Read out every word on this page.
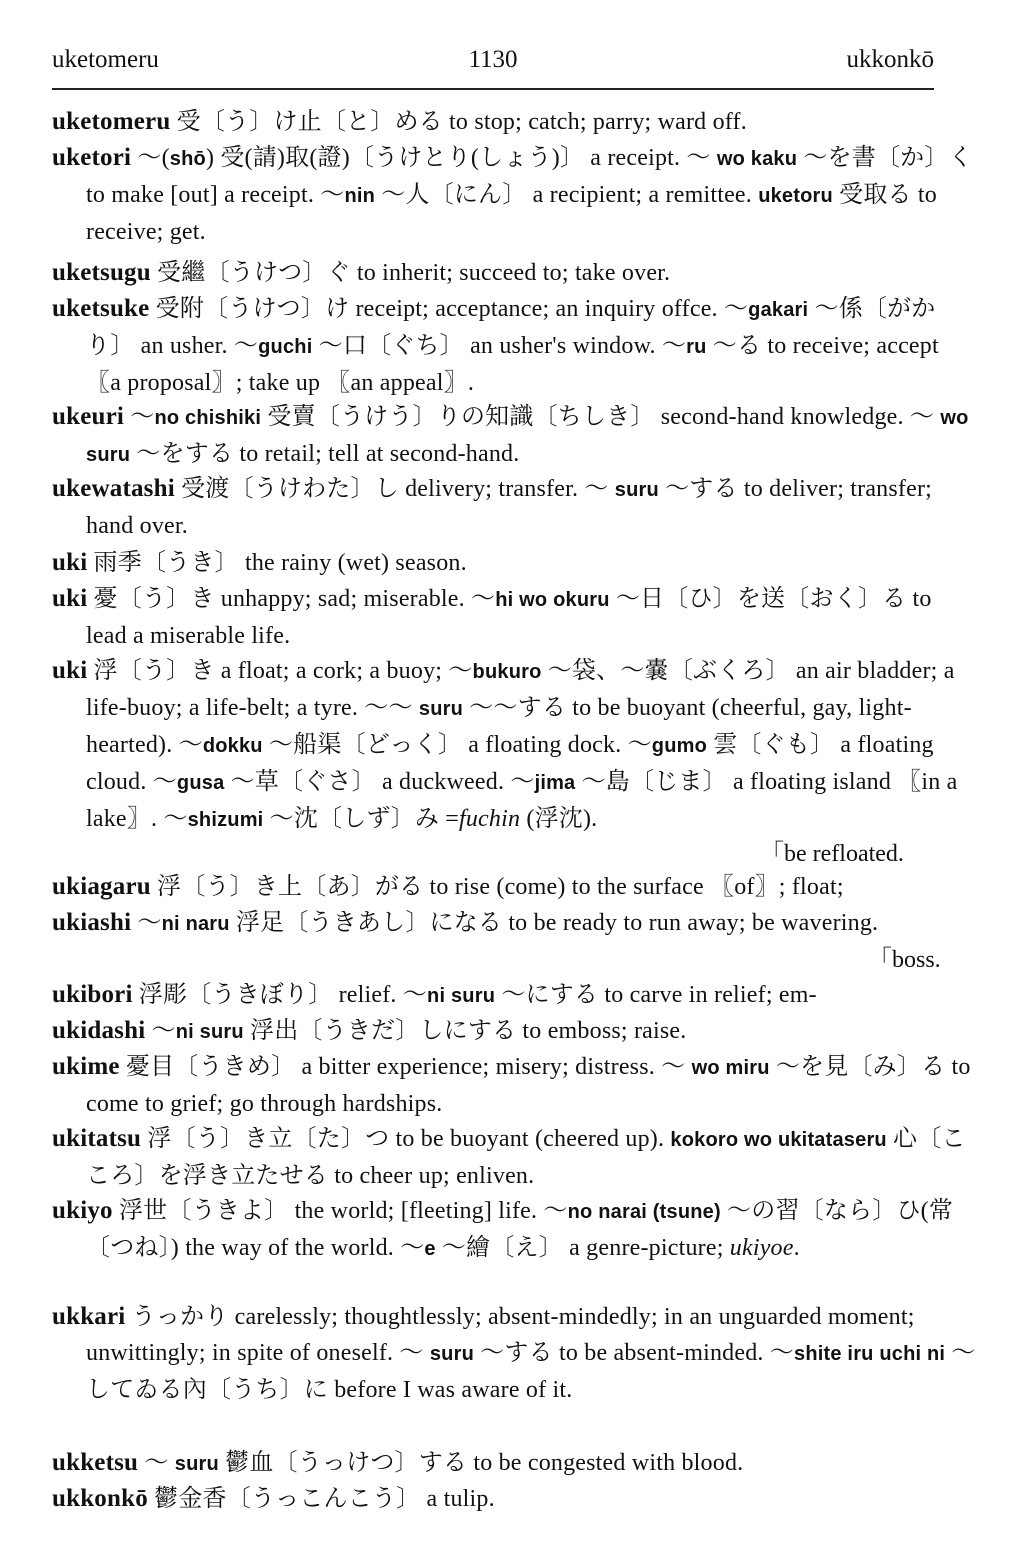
uketomeru	1130	ukkonkō
uketomeru 受〔う〕け止〔と〕める to stop; catch; parry; ward off.
uketori ～(shō) 受(請)取(證)〔うけとり(しょう)〕 a receipt. ～ wo kaku ～を書〔か〕く to make [out] a receipt. ～nin ～人〔にん〕 a recipient; a remittee. uketoru 受取る to receive; get.
uketsugu 受繼〔うけつ〕ぐ to inherit; succeed to; take over.
uketsuke 受附〔うけつ〕け receipt; acceptance; an inquiry offce. ～gakari ～係〔がかり〕 an usher. ～guchi ～口〔ぐち〕 an usher's window. ～ru ～る to receive; accept 〖a proposal〗; take up 〖an appeal〗.
ukeuri ～no chishiki 受賣〔うけう〕りの知識〔ちしき〕 second-hand knowledge. ～ wo suru ～をする to retail; tell at second-hand.
ukewatashi 受渡〔うけわた〕し delivery; transfer. ～ suru ～する to deliver; transfer; hand over.
uki 雨季〔うき〕 the rainy (wet) season.
uki 憂〔う〕き unhappy; sad; miserable. ～hi wo okuru ～日〔ひ〕を送〔おく〕る to lead a miserable life.
uki 浮〔う〕き a float; a cork; a buoy; ～bukuro ～袋、～嚢〔ぶくろ〕 an air bladder; a life-buoy; a life-belt; a tyre. ～～ suru ～～する to be buoyant (cheerful, gay, light-hearted). ～dokku ～船渠〔どっく〕 a floating dock. ～gumo 雲〔ぐも〕 a floating cloud. ～gusa ～草〔ぐさ〕 a duckweed. ～jima ～島〔じま〕 a floating island 〖in a lake〗. ～shizumi ～沈〔しず〕み =fuchin (浮沈).
「be refloated.
ukiagaru 浮〔う〕き上〔あ〕がる to rise (come) to the surface 〖of〗; float;
ukiashi ～ni naru 浮足〔うきあし〕になる to be ready to run away; be wavering.
「boss.
ukibori 浮彫〔うきぼり〕 relief. ～ni suru ～にする to carve in relief; em-
ukidashi ～ni suru 浮出〔うきだ〕しにする to emboss; raise.
ukime 憂目〔うきめ〕 a bitter experience; misery; distress. ～ wo miru ～を見〔み〕る to come to grief; go through hardships.
ukitatsu 浮〔う〕き立〔た〕つ to be buoyant (cheered up). kokoro wo ukitataseru 心〔こころ〕を浮き立たせる to cheer up; enliven.
ukiyo 浮世〔うきよ〕 the world; [fleeting] life. ～no narai (tsune) ～の習〔なら〕ひ(常〔つね〕) the way of the world. ～e ～繪〔え〕 a genre-picture; ukiyoe.
ukkari うっかり carelessly; thoughtlessly; absent-mindedly; in an unguarded moment; unwittingly; in spite of oneself. ～ suru ～する to be absent-minded. ～shite iru uchi ni ～してゐる內〔うち〕に before I was aware of it.
ukketsu ～ suru 鬱血〔うっけつ〕する to be congested with blood.
ukkonkō 鬱金香〔うっこんこう〕 a tulip.
